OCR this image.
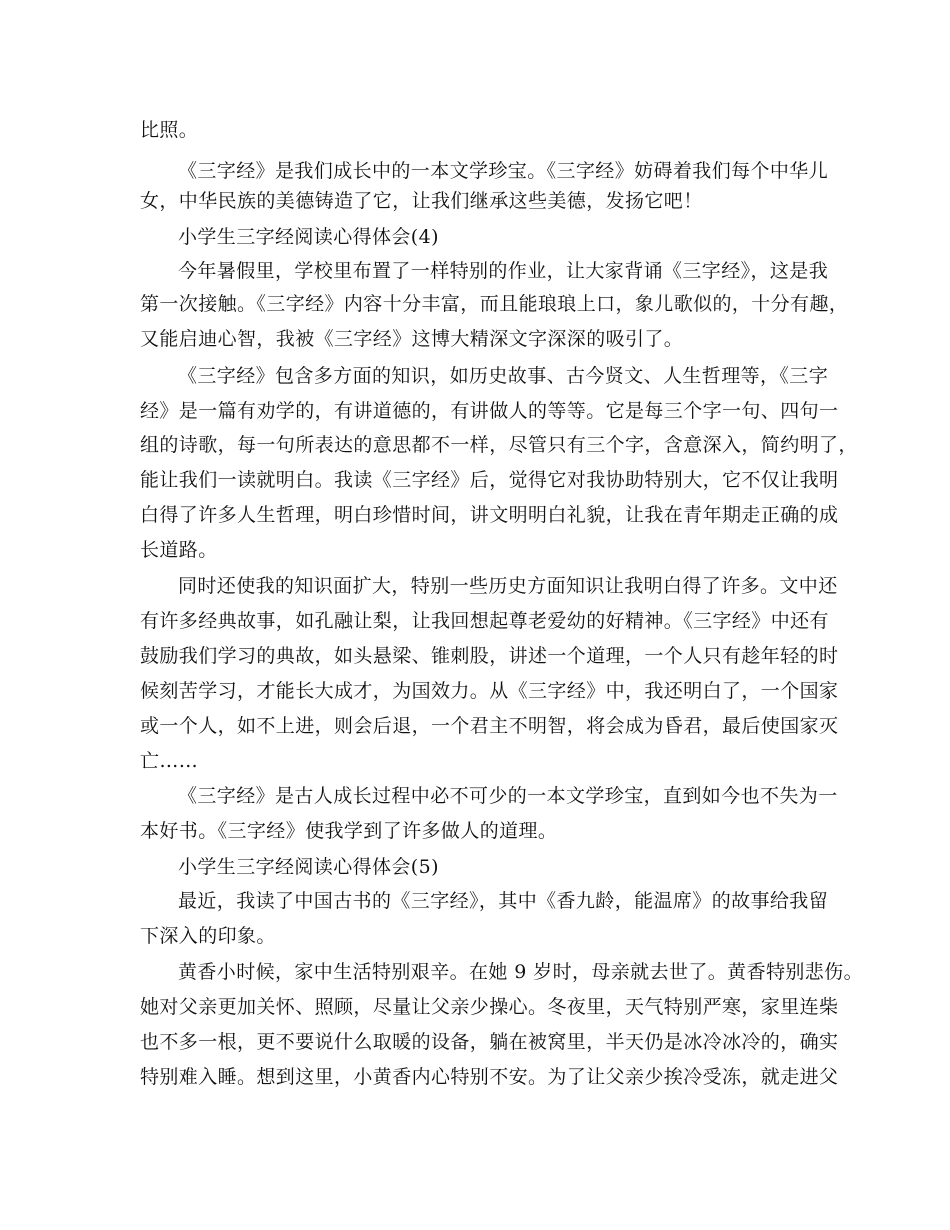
比照。
《三字经》是我们成长中的一本文学珍宝。《三字经》妨碍着我们每个中华儿
女，中华民族的美德铸造了它，让我们继承这些美德，发扬它吧！
小学生三字经阅读心得体会(4)
今年暑假里，学校里布置了一样特别的作业，让大家背诵《三字经》，这是我
第一次接触。《三字经》内容十分丰富，而且能琅琅上口，象儿歌似的，十分有趣，
又能启迪心智，我被《三字经》这博大精深文字深深的吸引了。
《三字经》包含多方面的知识，如历史故事、古今贤文、人生哲理等，《三字
经》是一篇有劝学的，有讲道德的，有讲做人的等等。它是每三个字一句、四句一
组的诗歌，每一句所表达的意思都不一样，尽管只有三个字，含意深入，简约明了，
能让我们一读就明白。我读《三字经》后，觉得它对我协助特别大，它不仅让我明
白得了许多人生哲理，明白珍惜时间，讲文明明白礼貌，让我在青年期走正确的成
长道路。
同时还使我的知识面扩大，特别一些历史方面知识让我明白得了许多。文中还
有许多经典故事，如孔融让梨，让我回想起尊老爱幼的好精神。《三字经》中还有
鼓励我们学习的典故，如头悬梁、锥刺股，讲述一个道理，一个人只有趁年轻的时
候刻苦学习，才能长大成才，为国效力。从《三字经》中，我还明白了，一个国家
或一个人，如不上进，则会后退，一个君主不明智，将会成为昏君，最后使国家灭
亡……
《三字经》是古人成长过程中必不可少的一本文学珍宝，直到如今也不失为一
本好书。《三字经》使我学到了许多做人的道理。
小学生三字经阅读心得体会(5)
最近，我读了中国古书的《三字经》，其中《香九龄，能温席》的故事给我留
下深入的印象。
黄香小时候，家中生活特别艰辛。在她 9 岁时，母亲就去世了。黄香特别悲伤。
她对父亲更加关怀、照顾，尽量让父亲少操心。冬夜里，天气特别严寒，家里连柴
也不多一根，更不要说什么取暖的设备，躺在被窝里，半天仍是冰冷冰冷的，确实
特别难入睡。想到这里，小黄香内心特别不安。为了让父亲少挨冷受冻，就走进父
